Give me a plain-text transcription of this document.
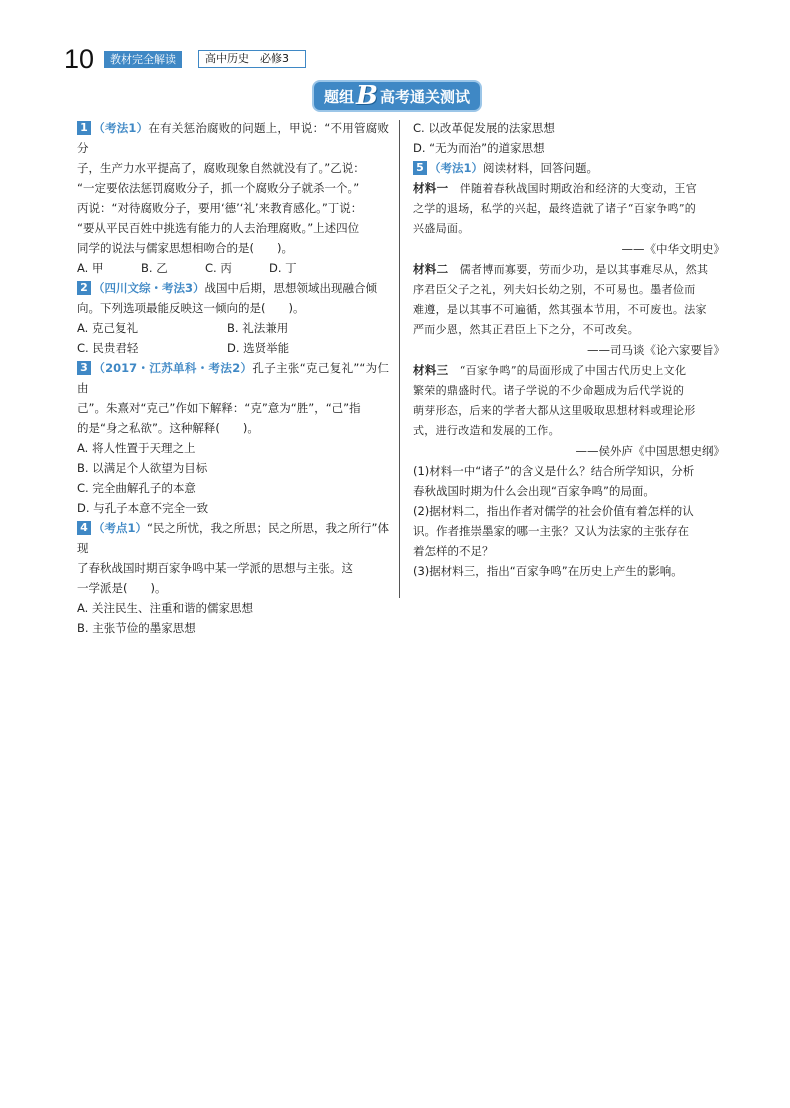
10	教材完全解读	高中历史　必修3
题组 B 高考通关测试
1 （考法1）在有关惩治腐败的问题上，甲说：“不用管腐败分
子，生产力水平提高了，腐败现象自然就没有了。”乙说：
“一定要依法惩罚腐败分子，抓一个腐败分子就杀一个。”
丙说：“对待腐败分子，要用‘德’‘礼’来教育感化。”丁说：
“要从平民百姓中挑选有能力的人去治理腐败。”上述四位
同学的说法与儒家思想相吻合的是(　　)。
A. 甲	B. 乙	C. 丙	D. 丁
2 （四川文综・考法3）战国中后期，思想领域出现融合倾
向。下列选项最能反映这一倾向的是(　　)。
A. 克己复礼	B. 礼法兼用
C. 民贵君轻	D. 选贤举能
3 （2017・江苏单科・考法2）孔子主张“克己复礼”“为仁由
己”。朱熹对“克己”作如下解释：“克”意为“胜”，“己”指
的是“身之私欲”。这种解释(　　)。
A. 将人性置于天理之上
B. 以满足个人欲望为目标
C. 完全曲解孔子的本意
D. 与孔子本意不完全一致
4 （考点1）“民之所忧，我之所思；民之所思，我之所行”体现
了春秋战国时期百家争鸣中某一学派的思想与主张。这
一学派是(　　)。
A. 关注民生、注重和谐的儒家思想
B. 主张节俭的墨家思想
C. 以改革促发展的法家思想
D. “无为而治”的道家思想
5 （考法1）阅读材料，回答问题。
材料一　 伴随着春秋战国时期政治和经济的大变动，王官
之学的退场，私学的兴起，最终造就了诸子“百家争鸣”的
兴盛局面。
——《中华文明史》
材料二　 儒者博而寡要，劳而少功，是以其事难尽从，然其
序君臣父子之礼，列夫妇长幼之别，不可易也。墨者俭而
难遵，是以其事不可遍循，然其强本节用，不可废也。法家
严而少恩，然其正君臣上下之分，不可改矣。
——司马谈《论六家要旨》
材料三　 “百家争鸣”的局面形成了中国古代历史上文化
繁荣的鼎盛时代。诸子学说的不少命题成为后代学说的
萌芽形态，后来的学者大都从这里吸取思想材料或理论形
式，进行改造和发展的工作。
——侯外庐《中国思想史纲》
(1)材料一中“诸子”的含义是什么？结合所学知识，分析
春秋战国时期为什么会出现“百家争鸣”的局面。
(2)据材料二，指出作者对儒学的社会价值有着怎样的认
识。作者推崇墨家的哪一主张？又认为法家的主张存在
着怎样的不足？
(3)据材料三，指出“百家争鸣”在历史上产生的影响。
